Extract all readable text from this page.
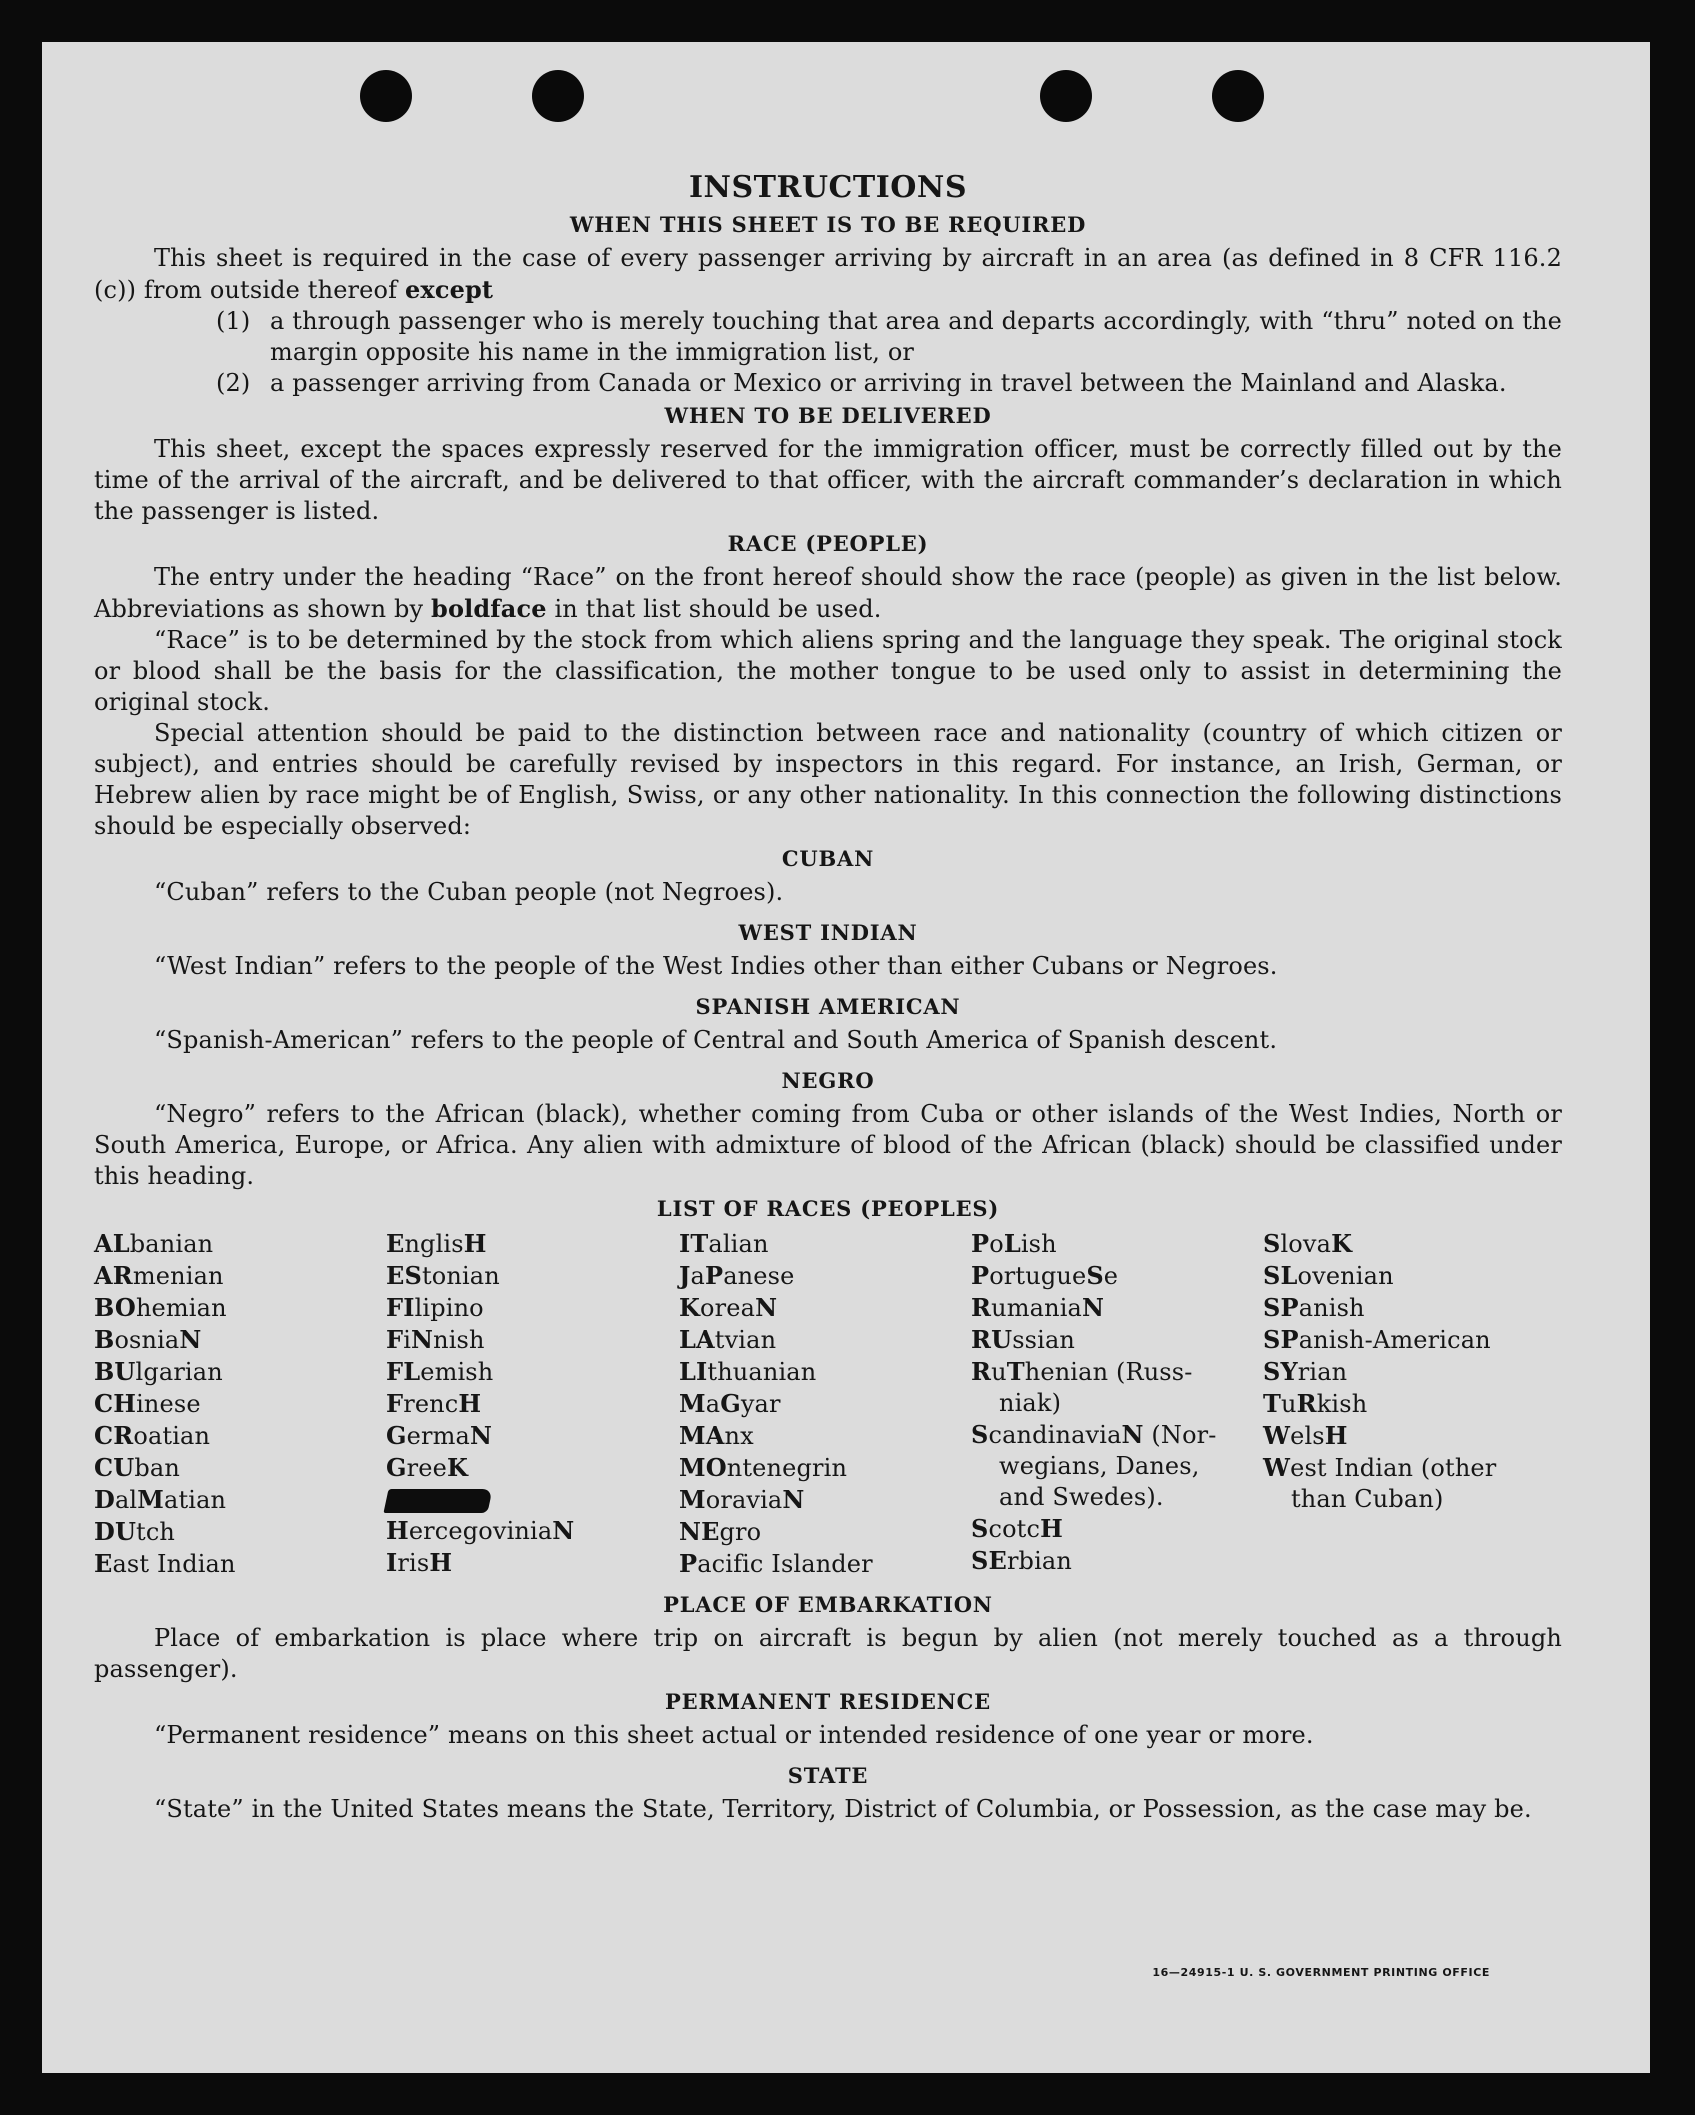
INSTRUCTIONS
WHEN THIS SHEET IS TO BE REQUIRED

This sheet is required in the case of every passenger arriving by aircraft in an area (as defined in 8 CFR 116.2 (c)) from outside thereof except

(1) a through passenger who is merely touching that area and departs accordingly, with “thru” noted on the margin opposite his name in the immigration list, or
(2) a passenger arriving from Canada or Mexico or arriving in travel between the Mainland and Alaska.
WHEN TO BE DELIVERED

This sheet, except the spaces expressly reserved for the immigration officer, must be correctly filled out by the time of the arrival of the aircraft, and be delivered to that officer, with the aircraft commander’s declaration in which the passenger is listed.

RACE (PEOPLE)

The entry under the heading “Race” on the front hereof should show the race (people) as given in the list below. Abbreviations as shown by boldface in that list should be used.

“Race” is to be determined by the stock from which aliens spring and the language they speak. The original stock or blood shall be the basis for the classification, the mother tongue to be used only to assist in determining the original stock.

Special attention should be paid to the distinction between race and nationality (country of which citizen or subject), and entries should be carefully revised by inspectors in this regard. For instance, an Irish, German, or Hebrew alien by race might be of English, Swiss, or any other nationality. In this connection the following distinctions should be especially observed:

CUBAN

“Cuban” refers to the Cuban people (not Negroes).

WEST INDIAN

“West Indian” refers to the people of the West Indies other than either Cubans or Negroes.

SPANISH AMERICAN

“Spanish-American” refers to the people of Central and South America of Spanish descent.

NEGRO

“Negro” refers to the African (black), whether coming from Cuba or other islands of the West Indies, North or South America, Europe, or Africa. Any alien with admixture of blood of the African (black) should be classified under this heading.

LIST OF RACES (PEOPLES)
ALbanian
ARmenian
BOhemian
BosniaN
BUlgarian
CHinese
CRoatian
CUban
DalMatian
DUtch
East Indian
EnglisH
EStonian
FIlipino
FiNnish
FLemish
FrencH
GermaN
GreeK
HercegoviniaN
IrisH
ITalian
JaPanese
KoreaN
LAtvian
LIthuanian
MaGyar
MAnx
MOntenegrin
MoraviaN
NEgro
Pacific Islander
PoLish
PortugueSe
RumaniaN
RUssian
RuThenian (Russ-
niak)
ScandinaviaN (Nor-
wegians, Danes,
and Swedes).
ScotcH
SErbian
SlovaK
SLovenian
SPanish
SPanish-American
SYrian
TuRkish
WelsH
West Indian (other
than Cuban)
PLACE OF EMBARKATION

Place of embarkation is place where trip on aircraft is begun by alien (not merely touched as a through passenger).

PERMANENT RESIDENCE

“Permanent residence” means on this sheet actual or intended residence of one year or more.

STATE

“State” in the United States means the State, Territory, District of Columbia, or Possession, as the case may be.

16—24915-1 U. S. GOVERNMENT PRINTING OFFICE
